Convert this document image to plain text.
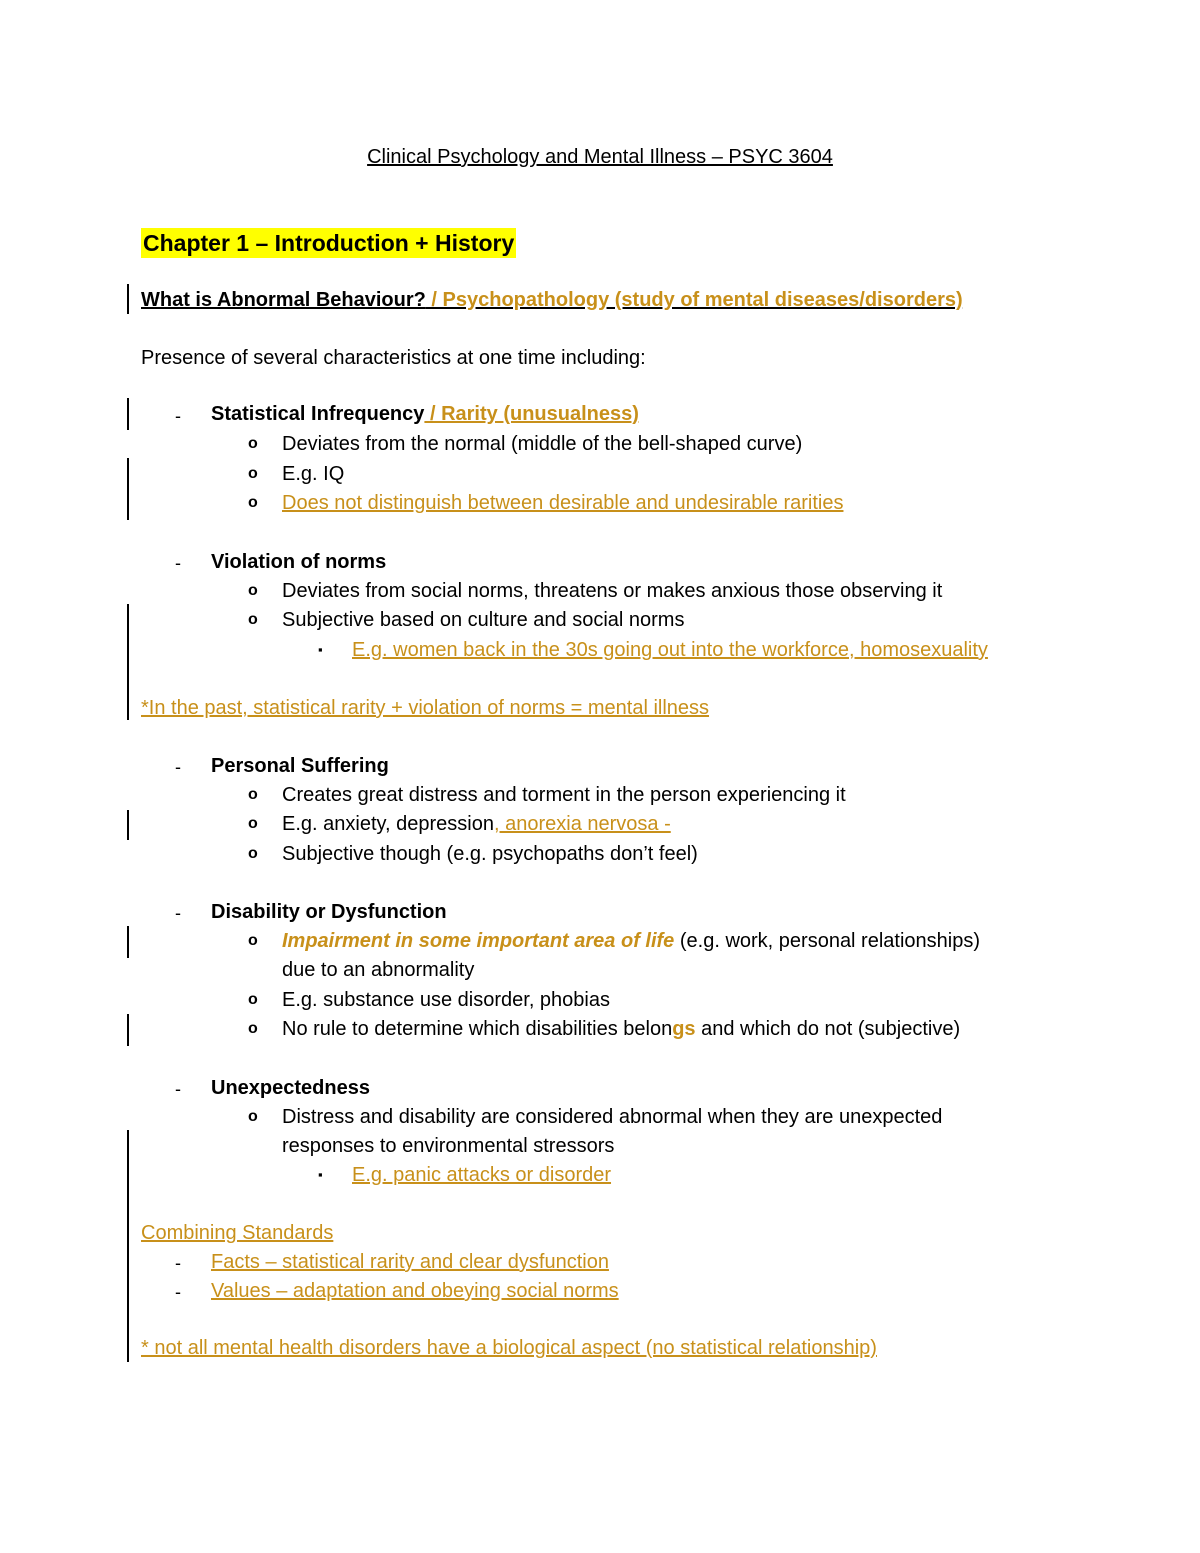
Clinical Psychology and Mental Illness – PSYC 3604
Chapter 1 – Introduction + History
What is Abnormal Behaviour? / Psychopathology (study of mental diseases/disorders)
Presence of several characteristics at one time including:
- Statistical Infrequency / Rarity (unusualness)
o Deviates from the normal (middle of the bell-shaped curve)
o E.g. IQ
o Does not distinguish between desirable and undesirable rarities
- Violation of norms
o Deviates from social norms, threatens or makes anxious those observing it
o Subjective based on culture and social norms
▪ E.g. women back in the 30s going out into the workforce, homosexuality
*In the past, statistical rarity + violation of norms = mental illness
- Personal Suffering
o Creates great distress and torment in the person experiencing it
o E.g. anxiety, depression, anorexia nervosa -
o Subjective though (e.g. psychopaths don’t feel)
- Disability or Dysfunction
o Impairment in some important area of life (e.g. work, personal relationships)
due to an abnormality
o E.g. substance use disorder, phobias
o No rule to determine which disabilities belongs and which do not (subjective)
- Unexpectedness
o Distress and disability are considered abnormal when they are unexpected
responses to environmental stressors
▪ E.g. panic attacks or disorder
Combining Standards
- Facts – statistical rarity and clear dysfunction
- Values – adaptation and obeying social norms
* not all mental health disorders have a biological aspect (no statistical relationship)
